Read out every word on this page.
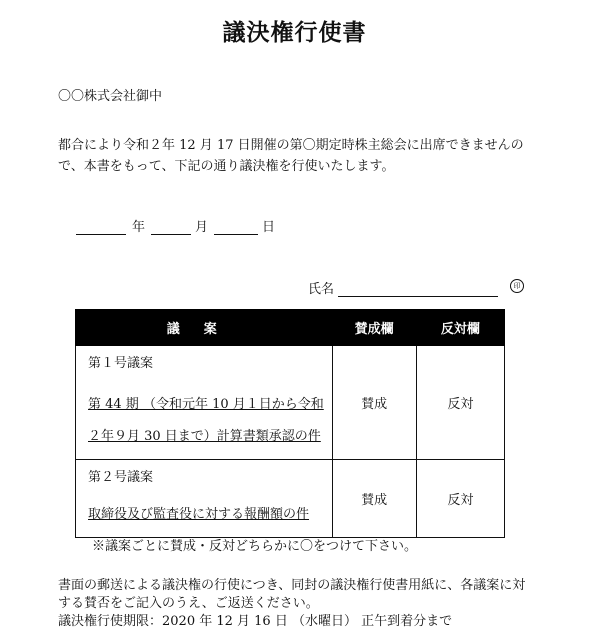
議決権行使書
〇〇株式会社御中
都合により令和２年 12 月 17 日開催の第〇期定時株主総会に出席できませんので、本書をもって、下記の通り議決権を行使いたします。
年	月	日
氏名	印
議案	賛成欄	反対欄

第１号議案
第 44 期 （令和元年 10 月１日から令和２年９月 30 日まで）計算書類承認の件	賛成	反対

第２号議案
取締役及び監査役に対する報酬額の件	賛成	反対
※議案ごとに賛成・反対どちらかに〇をつけて下さい。
書面の郵送による議決権の行使につき、同封の議決権行使書用紙に、各議案に対する賛否をご記入のうえ、ご返送ください。
議決権行使期限：2020 年 12 月 16 日 （水曜日） 正午到着分まで
